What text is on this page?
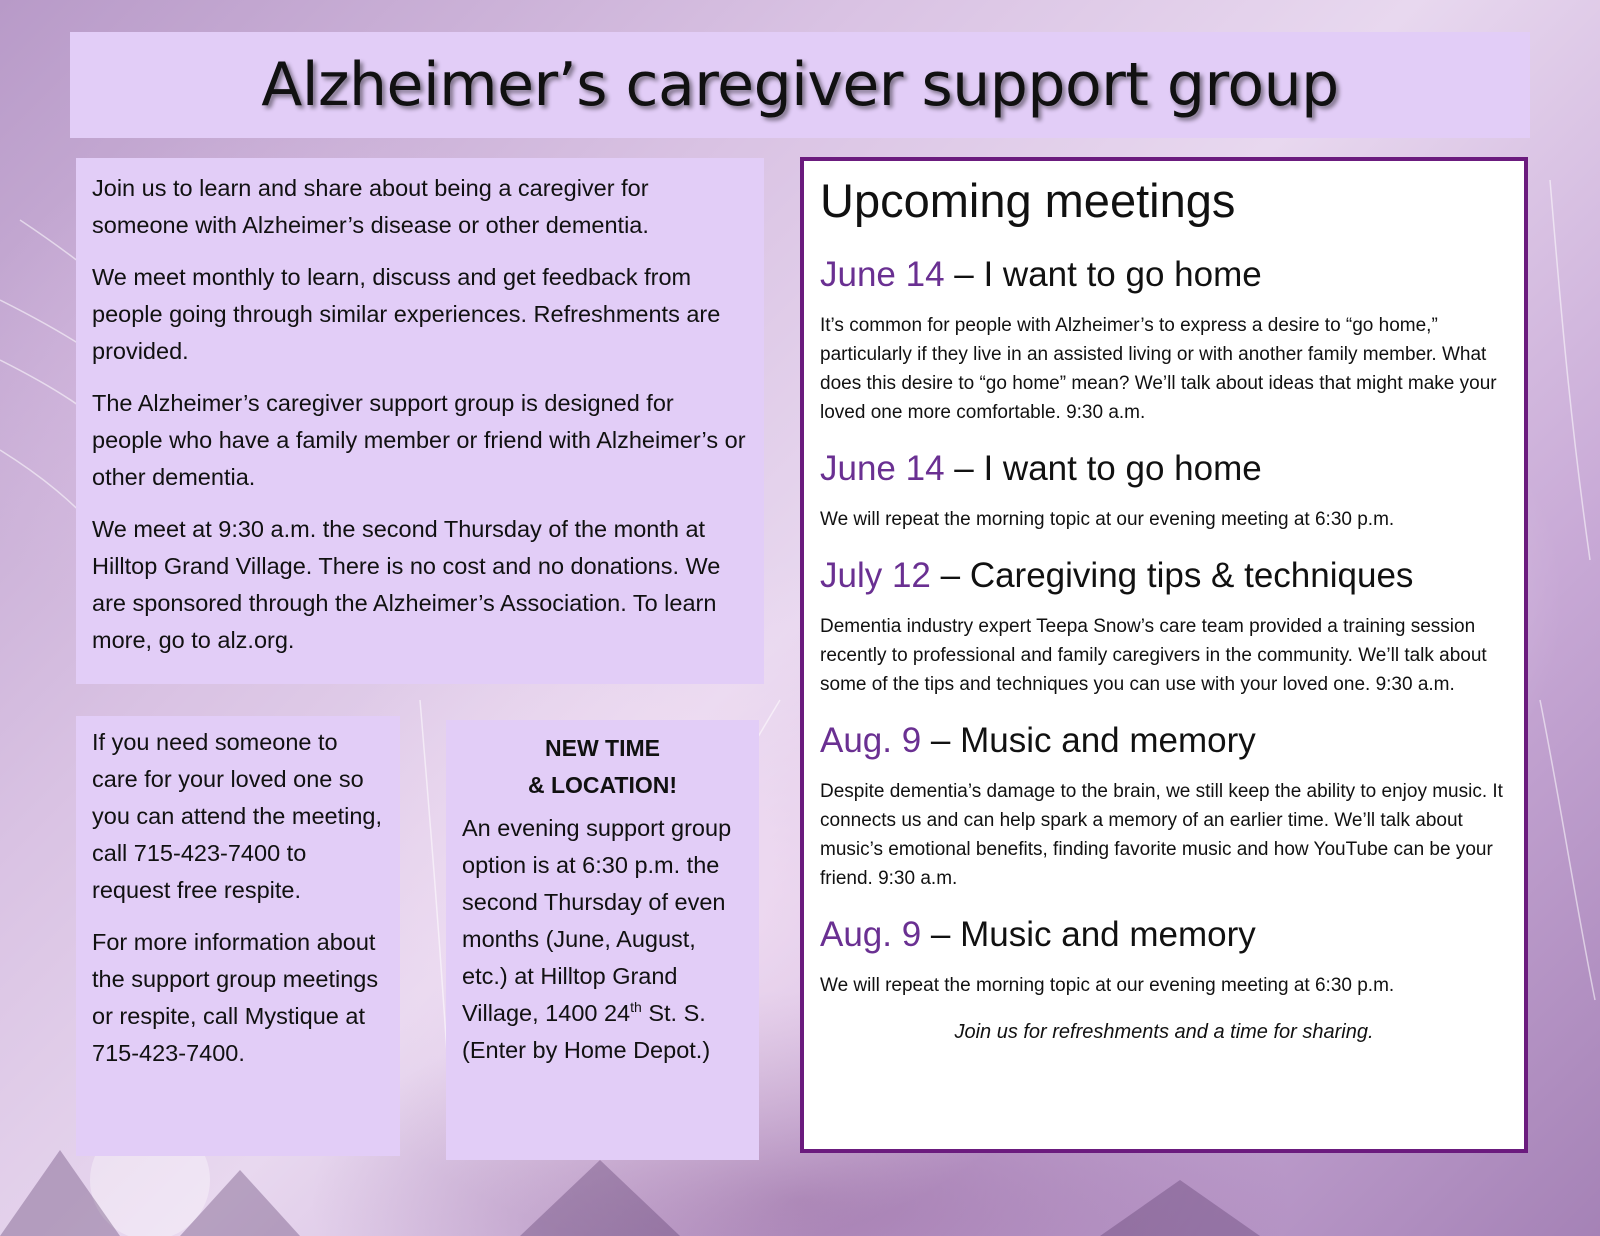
Alzheimer’s caregiver support group

Join us to learn and share about being a caregiver for someone with Alzheimer’s disease or other dementia.

We meet monthly to learn, discuss and get feedback from people going through similar experiences. Refreshments are provided.

The Alzheimer’s caregiver support group is designed for people who have a family member or friend with Alzheimer’s or other dementia.

We meet at 9:30 a.m. the second Thursday of the month at Hilltop Grand Village. There is no cost and no donations. We are sponsored through the Alzheimer’s Association. To learn more, go to alz.org.

If you need someone to care for your loved one so you can attend the meeting, call 715-423-7400 to request free respite.

For more information about the support group meetings or respite, call Mystique at 715-423-7400.

NEW TIME
& LOCATION!

An evening support group option is at 6:30 p.m. the second Thursday of even months (June, August, etc.) at Hilltop Grand Village, 1400 24th St. S. (Enter by Home Depot.)

Upcoming meetings
June 14 – I want to go home

It’s common for people with Alzheimer’s to express a desire to “go home,” particularly if they live in an assisted living or with another family member. What does this desire to “go home” mean? We’ll talk about ideas that might make your loved one more comfortable. 9:30 a.m.

June 14 – I want to go home

We will repeat the morning topic at our evening meeting at 6:30 p.m.

July 12 – Caregiving tips & techniques

Dementia industry expert Teepa Snow’s care team provided a training session recently to professional and family caregivers in the community. We’ll talk about some of the tips and techniques you can use with your loved one. 9:30 a.m.

Aug. 9 – Music and memory

Despite dementia’s damage to the brain, we still keep the ability to enjoy music. It connects us and can help spark a memory of an earlier time. We’ll talk about music’s emotional benefits, finding favorite music and how YouTube can be your friend. 9:30 a.m.

Aug. 9 – Music and memory

We will repeat the morning topic at our evening meeting at 6:30 p.m.

Join us for refreshments and a time for sharing.
